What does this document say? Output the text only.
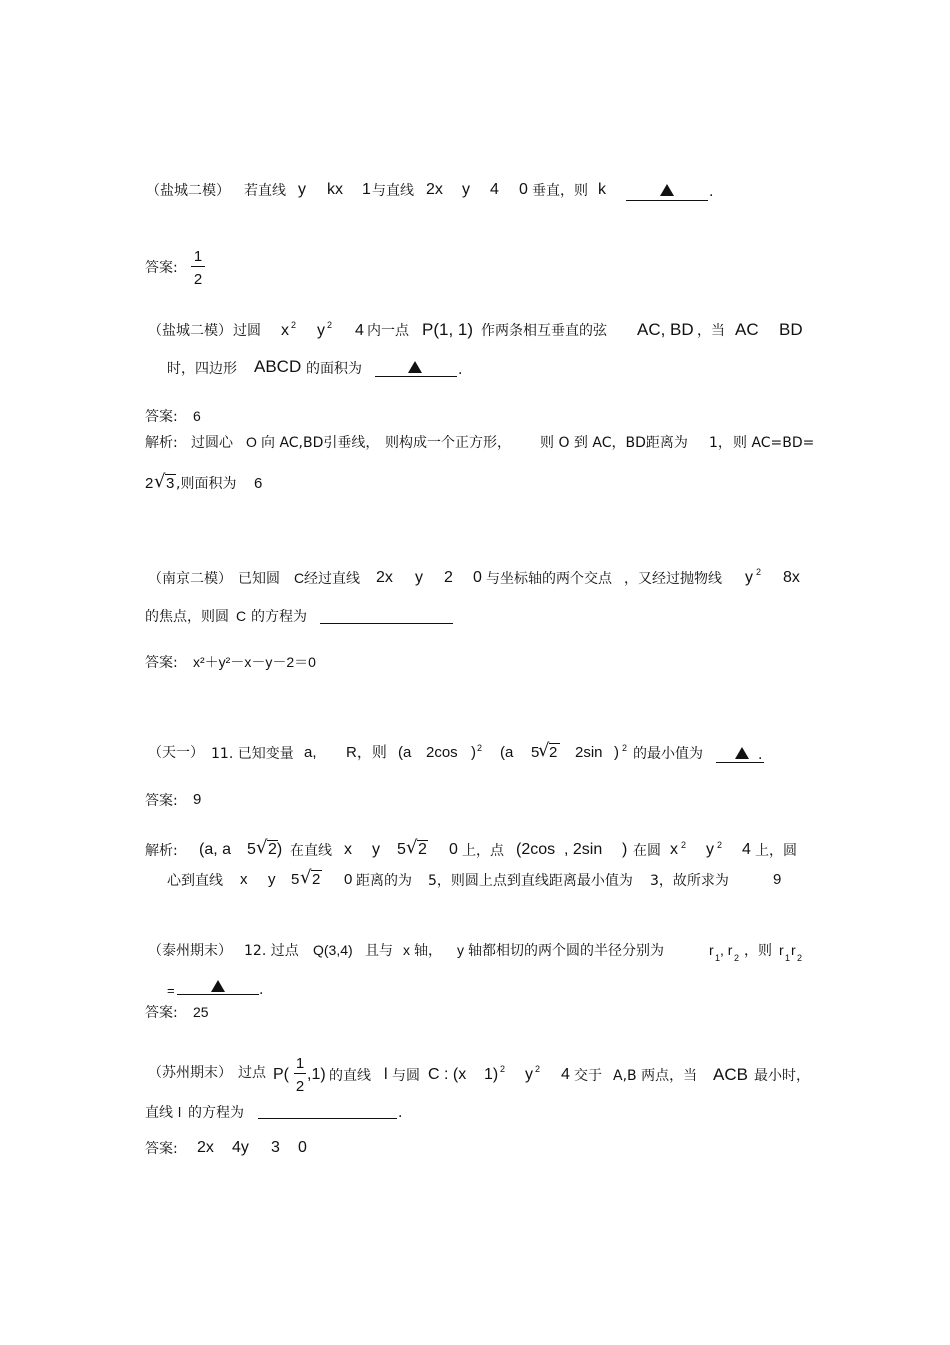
（盐城二模） 若直线 y kx 1 与直线 2x y 4 0 垂直，则 k	.
答案:
1
2
（盐城二模） 过圆 x 2 y 2 4 内一点 P(1, 1) 作两条相互垂直的弦 AC, BD ，当 AC BD
时，四边形 ABCD 的面积为	.
答案: 6
解析: 过圆心 O 向 AC,BD引垂线， 则构成一个正方形， 则 O 到 AC，BD距离为 1， 则 AC=BD=
2 √ 3 ,则面积为 6
（南京二模） 已知圆 C 经过直线 2x y 2 0 与坐标轴的两个交点 ，又经过抛物线 y 2 8x
的焦点，则圆 C 的方程为
答案: x²＋y²－x－y－2＝0
（天一） 11. 已知变量 a, R，则 (a 2cos ) 2 (a 5
√ 2 2sin ) 2 的最小值为	.
答案: 9
解析: (a, a 5 √ 2) 在直线 x y 5 √ 2 0 上，点 (2cos , 2sin ) 在圆 x 2 y 2 4 上，圆
心到直线 x y 5 √ 2 0 距离的为 5，则圆上点到直线距离最小值为 3，故所求为	9
（泰州期末） 12. 过点 Q(3,4) 且与 x 轴， y 轴都相切的两个圆的半径分别为	r 1 , r 2 ，则 r 1 r 2
=	.
答案: 25
（苏州期末） 过点 P(
1
2
,1) 的直线 l 与圆 C : (x 1) 2 y 2 4 交于 A,B 两点，当 ACB 最小时，
直线 l 的方程为	.
答案: 2x 4y 3 0
